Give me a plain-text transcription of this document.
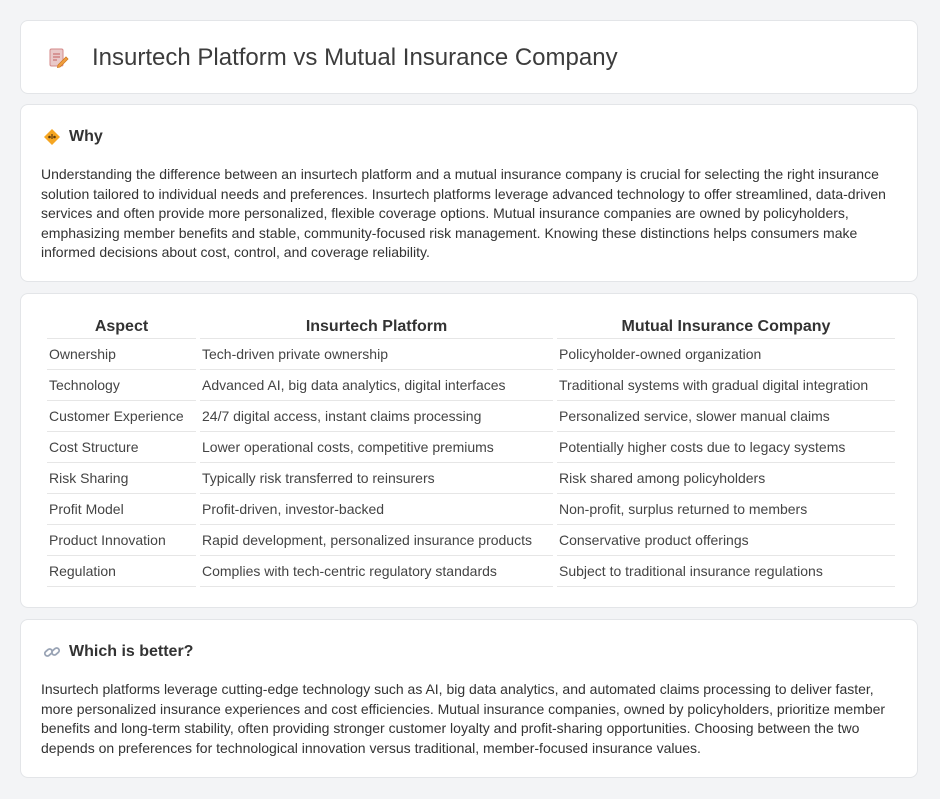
Insurtech Platform vs Mutual Insurance Company
Why

Understanding the difference between an insurtech platform and a mutual insurance company is crucial for selecting the right insurance solution tailored to individual needs and preferences. Insurtech platforms leverage advanced technology to offer streamlined, data-driven services and often provide more personalized, flexible coverage options. Mutual insurance companies are owned by policyholders, emphasizing member benefits and stable, community-focused risk management. Knowing these distinctions helps consumers make informed decisions about cost, control, and coverage reliability.

Aspect	Insurtech Platform	Mutual Insurance Company
Ownership	Tech-driven private ownership	Policyholder-owned organization
Technology	Advanced AI, big data analytics, digital interfaces	Traditional systems with gradual digital integration
Customer Experience	24/7 digital access, instant claims processing	Personalized service, slower manual claims
Cost Structure	Lower operational costs, competitive premiums	Potentially higher costs due to legacy systems
Risk Sharing	Typically risk transferred to reinsurers	Risk shared among policyholders
Profit Model	Profit-driven, investor-backed	Non-profit, surplus returned to members
Product Innovation	Rapid development, personalized insurance products	Conservative product offerings
Regulation	Complies with tech-centric regulatory standards	Subject to traditional insurance regulations
Which is better?

Insurtech platforms leverage cutting-edge technology such as AI, big data analytics, and automated claims processing to deliver faster, more personalized insurance experiences and cost efficiencies. Mutual insurance companies, owned by policyholders, prioritize member benefits and long-term stability, often providing stronger customer loyalty and profit-sharing opportunities. Choosing between the two depends on preferences for technological innovation versus traditional, member-focused insurance values.
